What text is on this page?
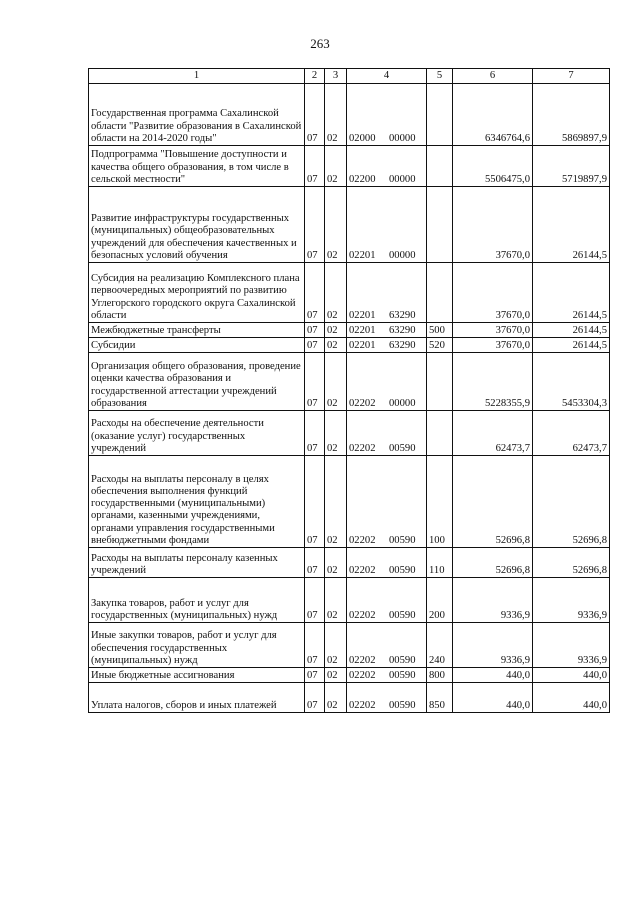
263
1	2	3	4	5	6	7
Государственная программа Сахалинской области "Развитие образования в Сахалинской области на 2014-2020 годы"	07	02	02000 00000		6346764,6	5869897,9
Подпрограмма "Повышение доступности и качества общего образования, в том числе в сельской местности"	07	02	02200 00000		5506475,0	5719897,9
Развитие инфраструктуры государственных (муниципальных) общеобразовательных учреждений для обеспечения качественных и безопасных условий обучения	07	02	02201 00000		37670,0	26144,5
Субсидия на реализацию Комплексного плана первоочередных мероприятий по развитию Углегорского городского округа Сахалинской области	07	02	02201 63290		37670,0	26144,5
Межбюджетные трансферты	07	02	02201 63290	500	37670,0	26144,5
Субсидии	07	02	02201 63290	520	37670,0	26144,5
Организация общего образования, проведение оценки качества образования и государственной аттестации учреждений образования	07	02	02202 00000		5228355,9	5453304,3
Расходы на обеспечение деятельности (оказание услуг) государственных учреждений	07	02	02202 00590		62473,7	62473,7
Расходы на выплаты персоналу в целях обеспечения выполнения функций государственными (муниципальными) органами, казенными учреждениями, органами управления государственными внебюджетными фондами	07	02	02202 00590	100	52696,8	52696,8
Расходы на выплаты персоналу казенных учреждений	07	02	02202 00590	110	52696,8	52696,8
Закупка товаров, работ и услуг для государственных (муниципальных) нужд	07	02	02202 00590	200	9336,9	9336,9
Иные закупки товаров, работ и услуг для обеспечения государственных (муниципальных) нужд	07	02	02202 00590	240	9336,9	9336,9
Иные бюджетные ассигнования	07	02	02202 00590	800	440,0	440,0
Уплата налогов, сборов и иных платежей	07	02	02202 00590	850	440,0	440,0
